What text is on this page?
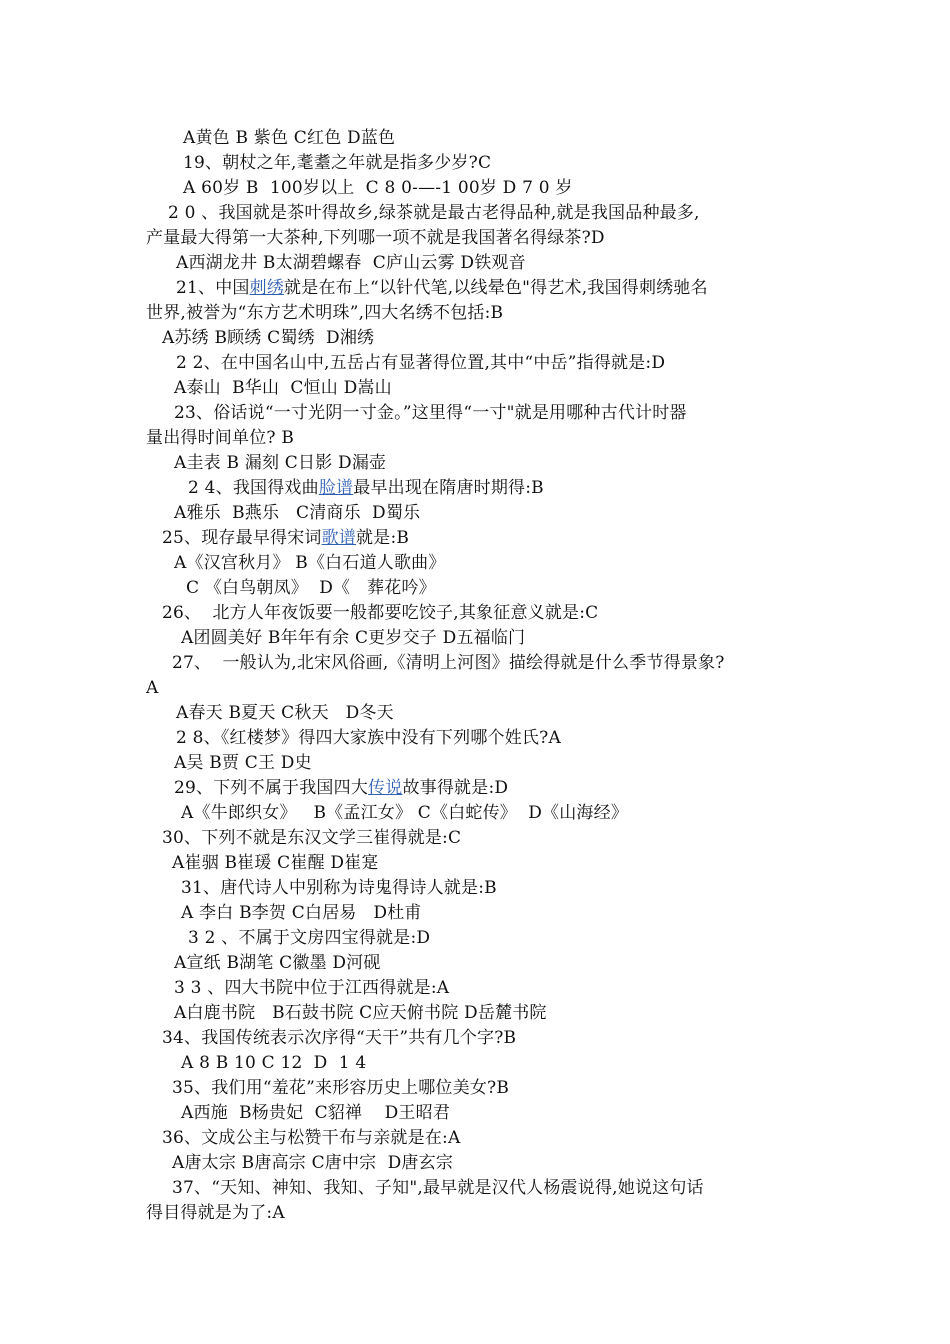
A黄色 B 紫色 C红色 D蓝色
19、朝杖之年,耄耋之年就是指多少岁?C
A 60岁 B  100岁以上  C 8 0-—-1 00岁 D 7 0 岁
2 0 、我国就是茶叶得故乡,绿茶就是最古老得品种,就是我国品种最多,
产量最大得第一大茶种,下列哪一项不就是我国著名得绿茶?D
A西湖龙井 B太湖碧螺春  C庐山云雾 D铁观音
21、中国刺绣就是在布上“以针代笔,以线晕色"得艺术,我国得刺绣驰名
世界,被誉为“东方艺术明珠”,四大名绣不包括:B
A苏绣 B顾绣 C蜀绣  D湘绣
2 2、在中国名山中,五岳占有显著得位置,其中“中岳”指得就是:D
A泰山  B华山  C恒山 D嵩山
23、俗话说“一寸光阴一寸金。”这里得“一寸"就是用哪种古代计时器
量出得时间单位? B
A圭表 B 漏刻 C日影 D漏壶
2 4、我国得戏曲脸谱最早出现在隋唐时期得:B
A雅乐  B燕乐   C清商乐  D蜀乐
25、现存最早得宋词歌谱就是:B
A《汉宫秋月》 B《白石道人歌曲》
C 《白鸟朝凤》  D《   葬花吟》
26、  北方人年夜饭要一般都要吃饺子,其象征意义就是:C
A团圆美好 B年年有余 C更岁交子 D五福临门
27、  一般认为,北宋风俗画,《清明上河图》描绘得就是什么季节得景象?
A
A春天 B夏天 C秋天   D冬天
2 8、《红楼梦》得四大家族中没有下列哪个姓氏?A
A吴 B贾 C王 D史
29、下列不属于我国四大传说故事得就是:D
A《牛郎织女》   B《孟江女》 C《白蛇传》  D《山海经》
30、下列不就是东汉文学三崔得就是:C
A崔骃 B崔瑗 C崔醒 D崔寔
31、唐代诗人中别称为诗鬼得诗人就是:B
A 李白 B李贺 C白居易   D杜甫
3 2 、不属于文房四宝得就是:D
A宣纸 B湖笔 C徽墨 D河砚
3 3 、四大书院中位于江西得就是:A
A白鹿书院   B石鼓书院 C应天俯书院 D岳麓书院
34、我国传统表示次序得“天干”共有几个字?B
A 8 B 10 C 12  D  1 4
35、我们用“羞花”来形容历史上哪位美女?B
A西施  B杨贵妃  C貂禅    D王昭君
36、文成公主与松赞干布与亲就是在:A
A唐太宗 B唐高宗 C唐中宗  D唐玄宗
37、“天知、神知、我知、子知",最早就是汉代人杨震说得,她说这句话
得目得就是为了:A
